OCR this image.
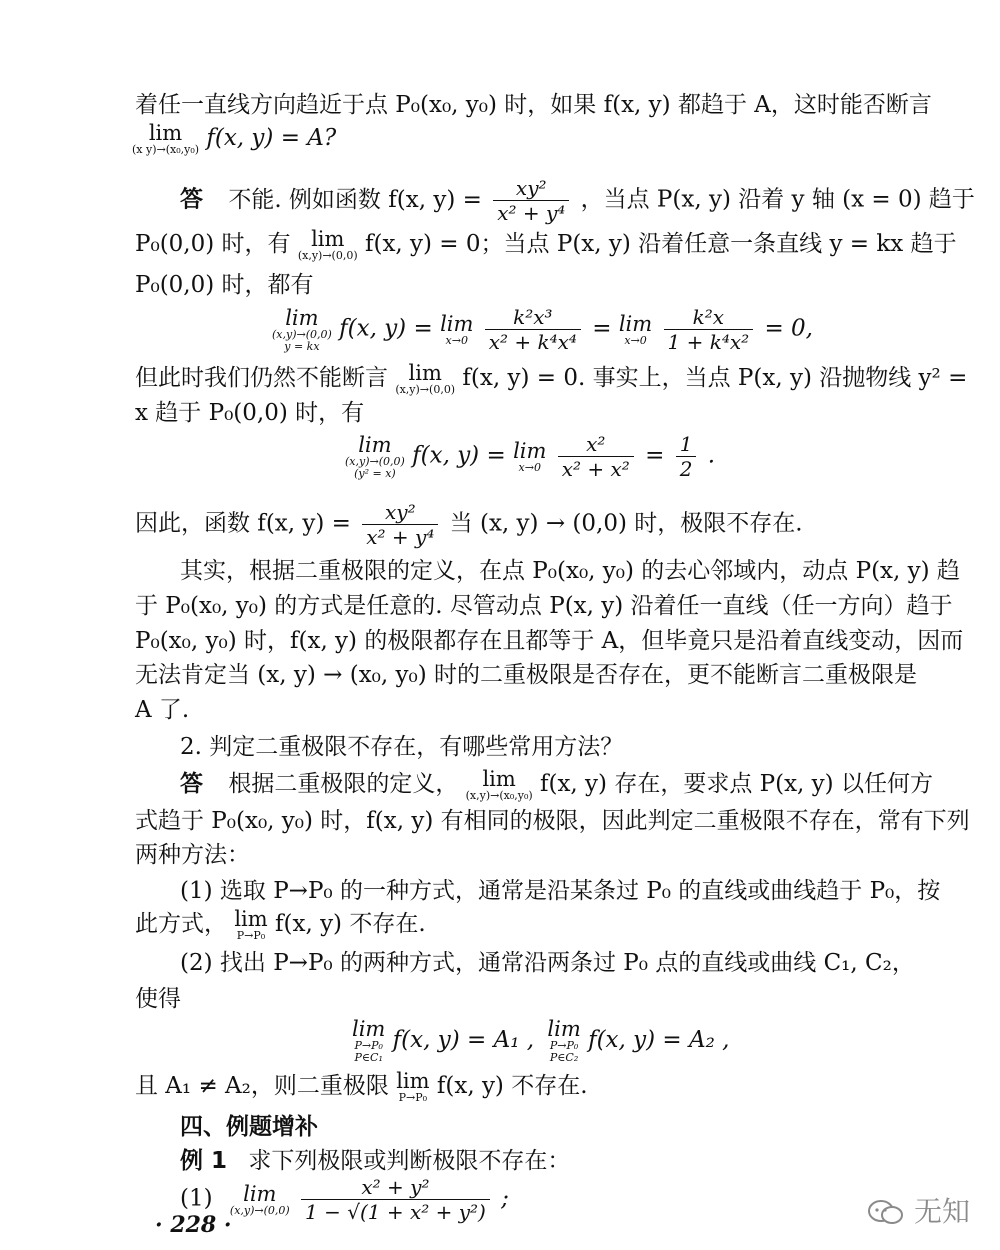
着任一直线方向趋近于点 P₀(x₀, y₀) 时，如果 f(x, y) 都趋于 A，这时能否断言
lim
(x y)→(x₀,y₀) f(x, y) = A?
答 不能. 例如函数 f(x, $y) = \frac{\text{xy²}}{\text{x² + y⁴}}$ ，当点 P(x, y) 沿着 y 轴 (x = 0) 趋于
P₀(0,0) 时，有 lim
(x,y)→(0,0) f(x, y) = 0；当点 P(x, y) 沿着任意一条直线 y = kx 趋于
P₀(0,0) 时，都有
lim
(x,y)→(0,0)
y = kx
f(x, y) = lim
x→0
$\frac{\text{k²x³}}{\text{x² + k⁴x⁴}} = \lim$
x→0
$\frac{\text{k²x}}{\text{1 + k⁴x²}} = 0$,
但此时我们仍然不能断言 lim
(x,y)→(0,0) f(x, y) = 0. 事实上，当点 P(x, y) 沿抛物线 y² =
x 趋于 P₀(0,0) 时，有
lim
(x,y)→(0,0)
(y² = x)
f(x, y) = lim
x→0
$\frac{\text{x²}}{\text{x² + x²}} = \frac{1}{2}$ .
因此，函数 f(x, $y) = \frac{\text{xy²}}{\text{x² + y⁴}}$ 当 (x, y) → (0,0) 时，极限不存在.
其实，根据二重极限的定义，在点 P₀(x₀, y₀) 的去心邻域内，动点 P(x, y) 趋
于 P₀(x₀, y₀) 的方式是任意的. 尽管动点 P(x, y) 沿着任一直线（任一方向）趋于
P₀(x₀, y₀) 时，f(x, y) 的极限都存在且都等于 A，但毕竟只是沿着直线变动，因而
无法肯定当 (x, y) → (x₀, y₀) 时的二重极限是否存在，更不能断言二重极限是
A 了.
2. 判定二重极限不存在，有哪些常用方法？
答 根据二重极限的定义，	lim
(x,y)→(x₀,y₀) f(x, y) 存在，要求点 P(x, y) 以任何方
式趋于 P₀(x₀, y₀) 时，f(x, y) 有相同的极限，因此判定二重极限不存在，常有下列
两种方法：
(1) 选取 P→P₀ 的一种方式，通常是沿某条过 P₀ 的直线或曲线趋于 P₀，按
此方式， lim
P→P₀ f(x, y) 不存在.
(2) 找出 P→P₀ 的两种方式，通常沿两条过 P₀ 点的直线或曲线 C₁, C₂，
使得
lim
P→P₀
P∈C₁
f(x, y) = A₁ , lim
P→P₀
P∈C₂
f(x, y) = A₂ ,
且 A₁ ≠ A₂，则二重极限 lim
P→P₀ f(x, y) 不存在.
四、例题增补
例 1 求下列极限或判断极限不存在：
(1)	lim
(x,y)→(0,0)
$\frac{\text{x² + y²}}{\text{1 − √(1 + x² + y²)}}$ ;
· 228 ·	无知
